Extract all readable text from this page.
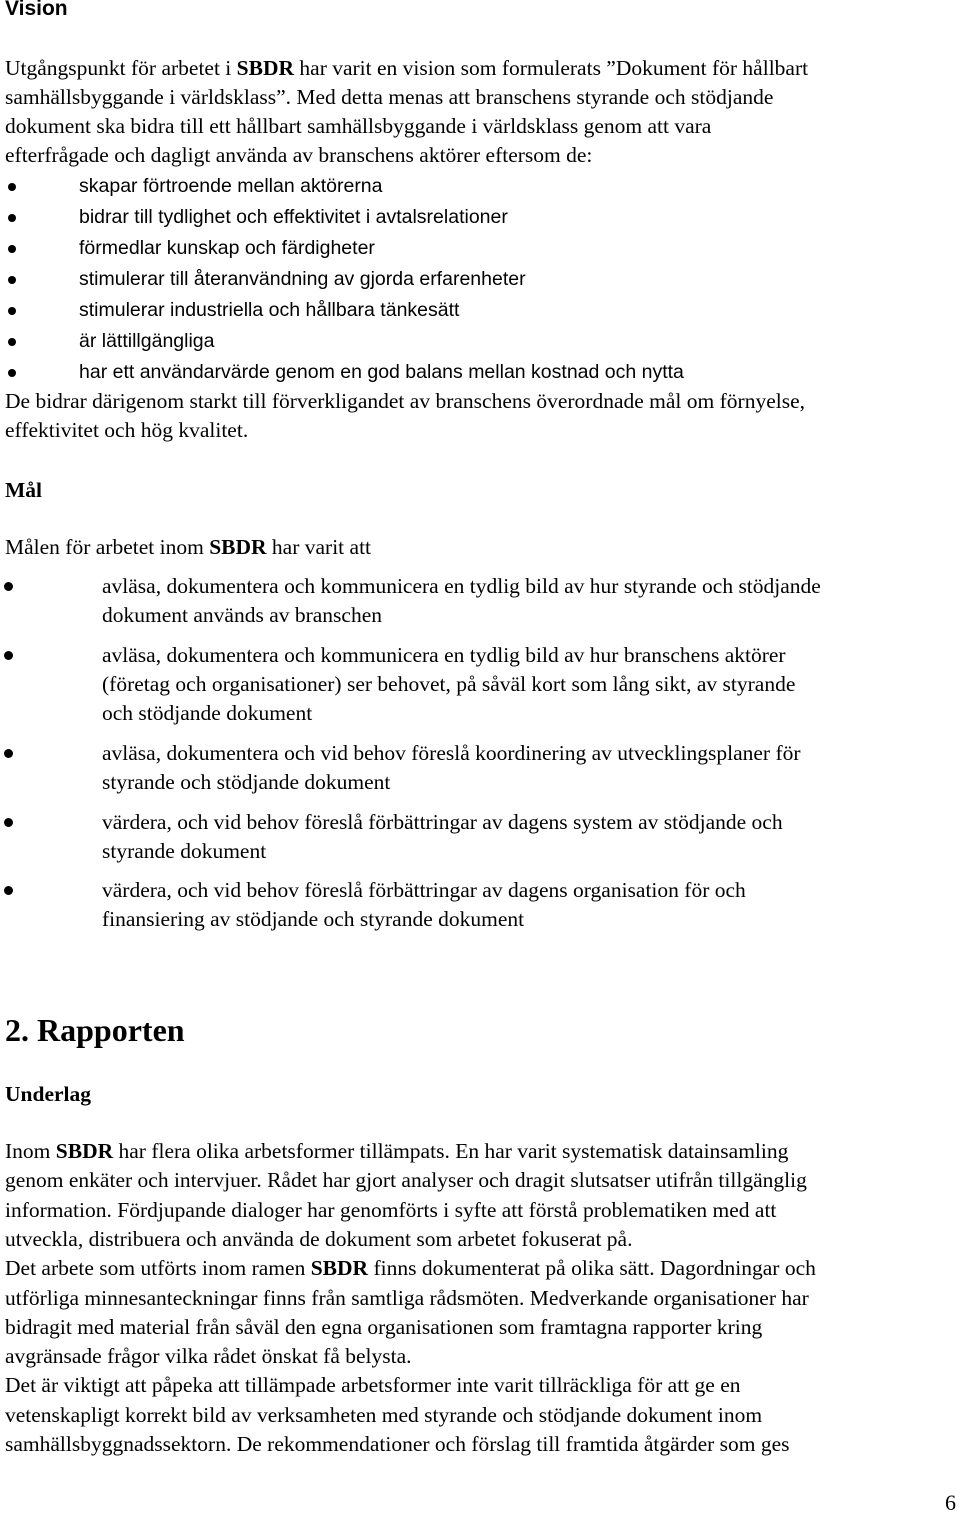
Vision
Utgångspunkt för arbetet i SBDR har varit en vision som formulerats ”Dokument för hållbart
samhällsbyggande i världsklass”. Med detta menas att branschens styrande och stödjande
dokument ska bidra till ett hållbart samhällsbyggande i världsklass genom att vara
efterfrågade och dagligt använda av branschens aktörer eftersom de:
skapar förtroende mellan aktörerna
bidrar till tydlighet och effektivitet i avtalsrelationer
förmedlar kunskap och färdigheter
stimulerar till återanvändning av gjorda erfarenheter
stimulerar industriella och hållbara tänkesätt
är lättillgängliga
har ett användarvärde genom en god balans mellan kostnad och nytta
De bidrar därigenom starkt till förverkligandet av branschens överordnade mål om förnyelse,
effektivitet och hög kvalitet.
Mål
Målen för arbetet inom SBDR har varit att
avläsa, dokumentera och kommunicera en tydlig bild av hur styrande och stödjande
dokument används av branschen
avläsa, dokumentera och kommunicera en tydlig bild av hur branschens aktörer
(företag och organisationer) ser behovet, på såväl kort som lång sikt, av styrande
och stödjande dokument
avläsa, dokumentera och vid behov föreslå koordinering av utvecklingsplaner för
styrande och stödjande dokument
värdera, och vid behov föreslå förbättringar av dagens system av stödjande och
styrande dokument
värdera, och vid behov föreslå förbättringar av dagens organisation för och
finansiering av stödjande och styrande dokument
2. Rapporten
Underlag
Inom SBDR har flera olika arbetsformer tillämpats. En har varit systematisk datainsamling
genom enkäter och intervjuer. Rådet har gjort analyser och dragit slutsatser utifrån tillgänglig
information. Fördjupande dialoger har genomförts i syfte att förstå problematiken med att
utveckla, distribuera och använda de dokument som arbetet fokuserat på.
Det arbete som utförts inom ramen SBDR finns dokumenterat på olika sätt. Dagordningar och
utförliga minnesanteckningar finns från samtliga rådsmöten. Medverkande organisationer har
bidragit med material från såväl den egna organisationen som framtagna rapporter kring
avgränsade frågor vilka rådet önskat få belysta.
Det är viktigt att påpeka att tillämpade arbetsformer inte varit tillräckliga för att ge en
vetenskapligt korrekt bild av verksamheten med styrande och stödjande dokument inom
samhällsbyggnadssektorn. De rekommendationer och förslag till framtida åtgärder som ges
6
